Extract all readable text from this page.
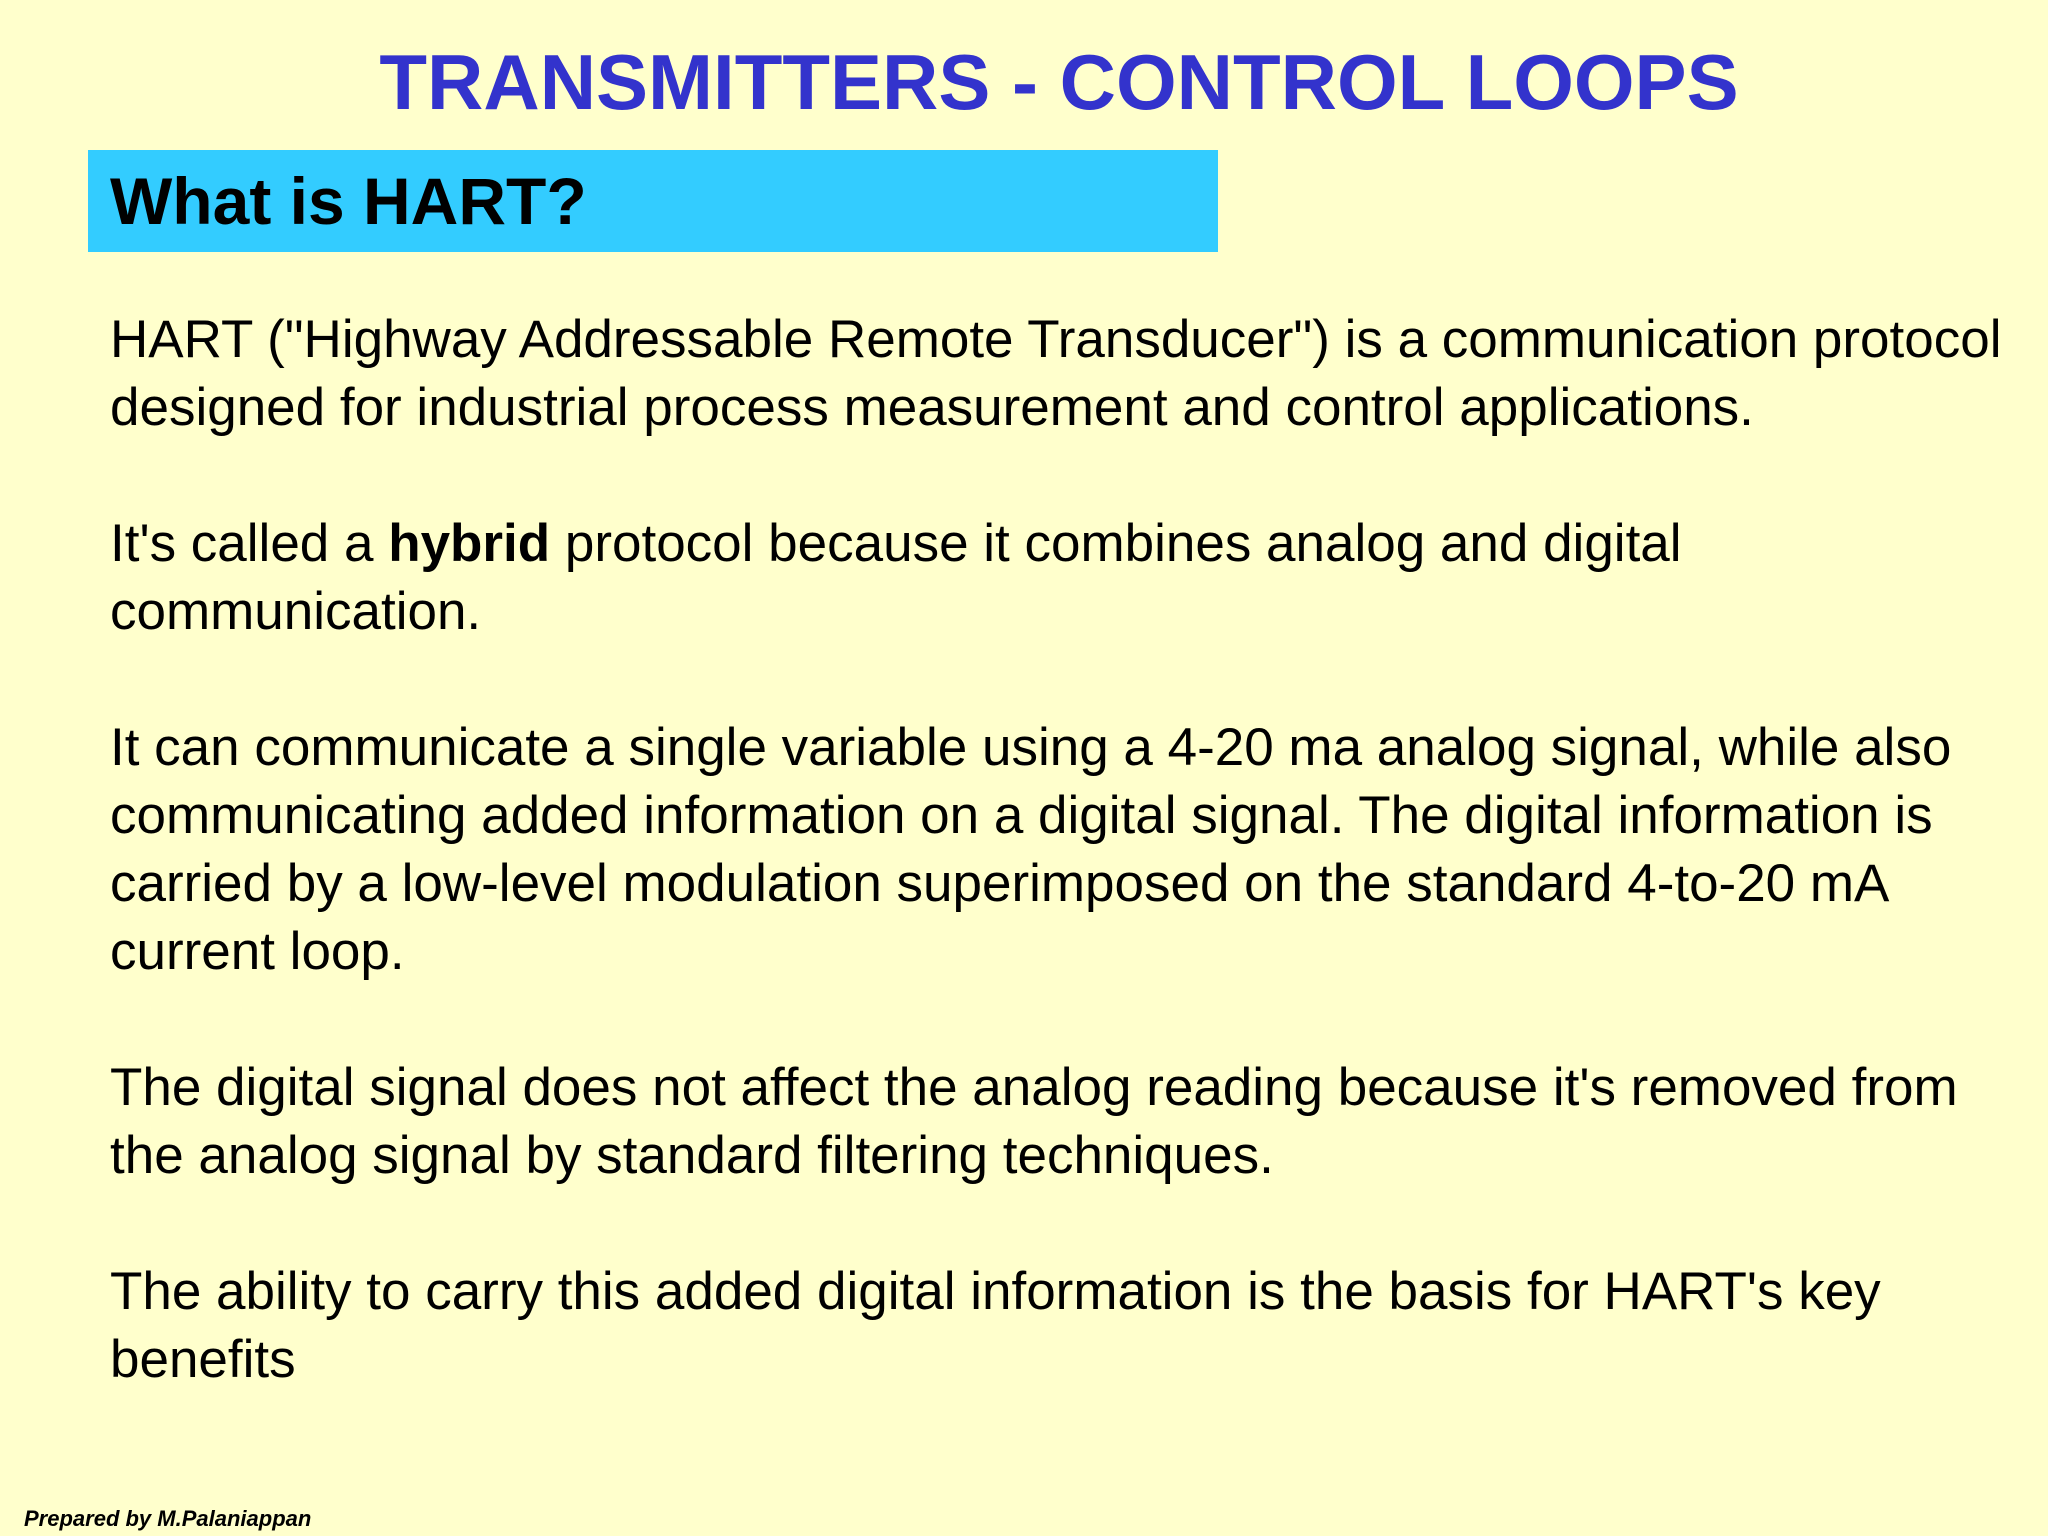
TRANSMITTERS - CONTROL LOOPS
What is HART?

HART ("Highway Addressable Remote Transducer") is a communication protocol designed for industrial process measurement and control applications.

It's called a hybrid protocol because it combines analog and digital communication.

It can communicate a single variable using a 4-20 ma analog signal, while also communicating added information on a digital signal. The digital information is carried by a low-level modulation superimposed on the standard 4-to-20 mA current loop.

The digital signal does not affect the analog reading because it's removed from the analog signal by standard filtering techniques.

The ability to carry this added digital information is the basis for HART's key benefits

Prepared by M.Palaniappan
